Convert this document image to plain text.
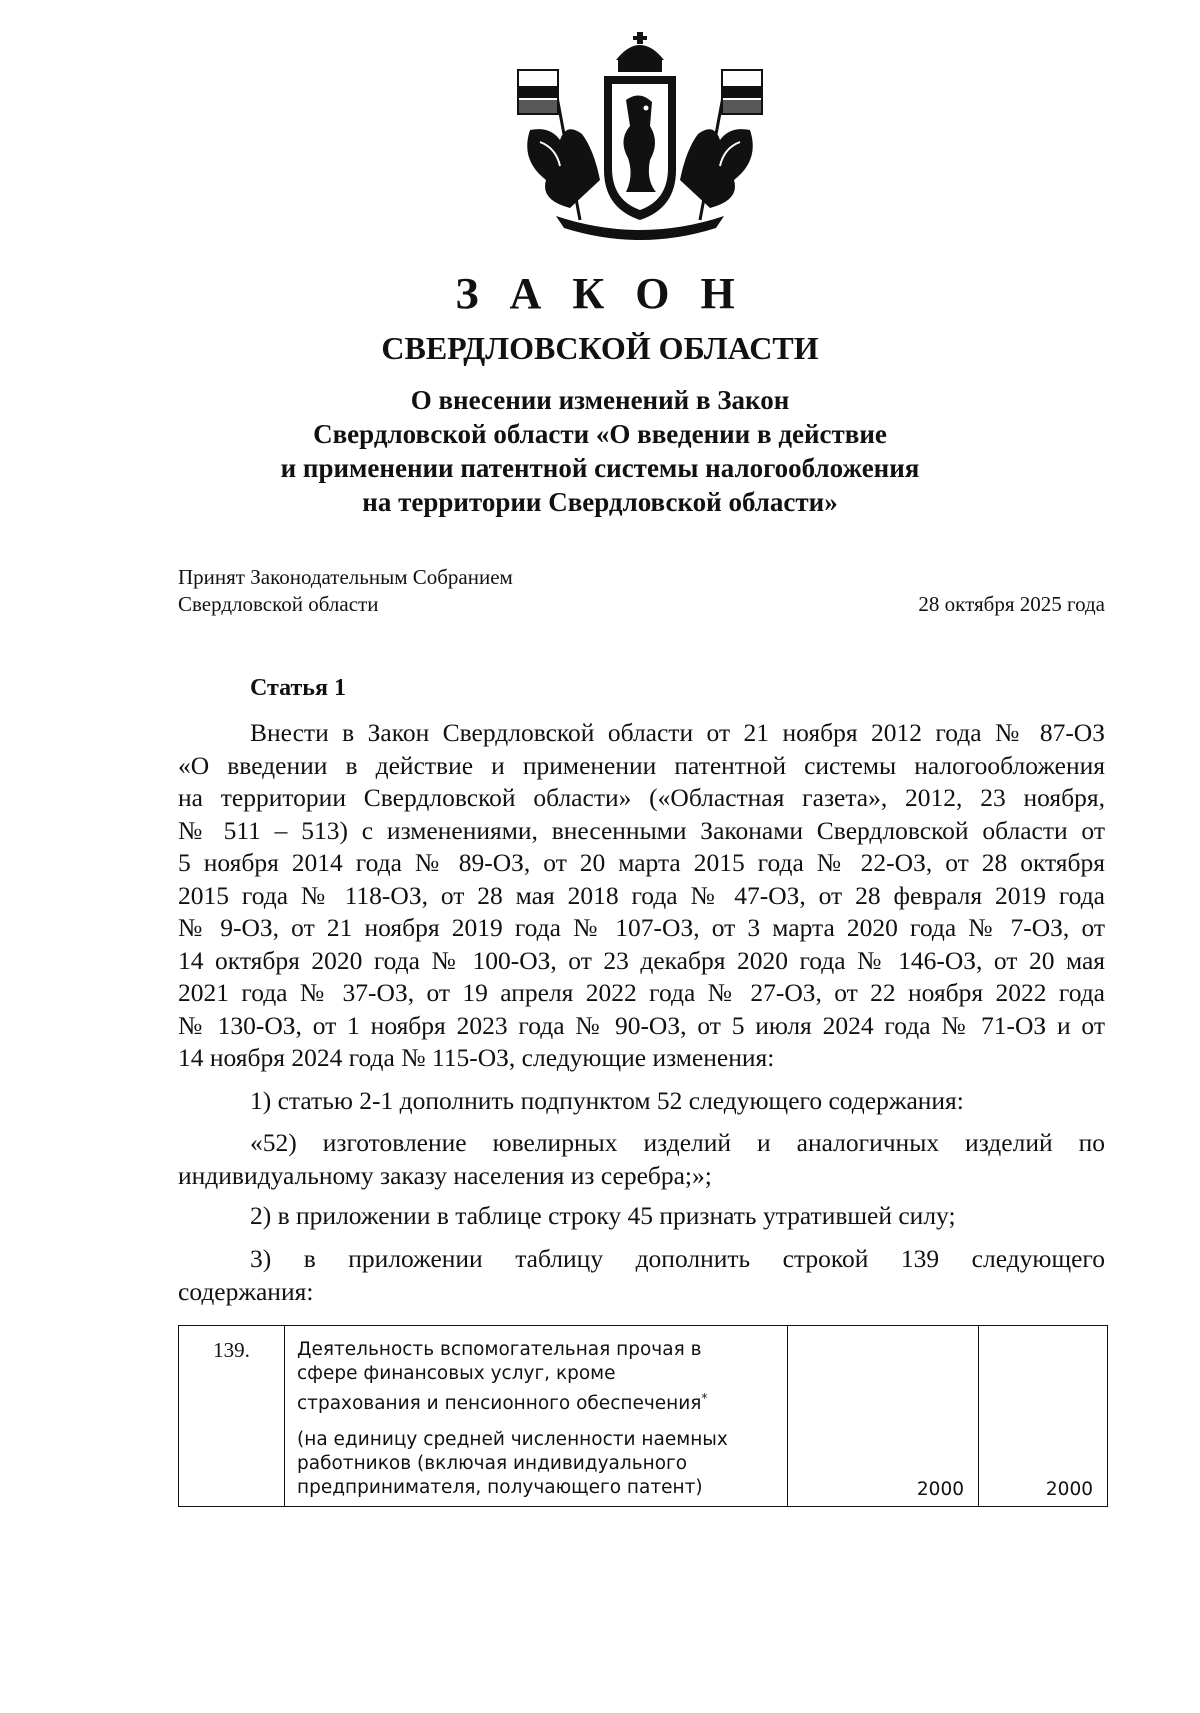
З А К О Н
СВЕРДЛОВСКОЙ ОБЛАСТИ
О внесении изменений в Закон
Свердловской области «О введении в действие
и применении патентной системы налогообложения
на территории Свердловской области»
Принят Законодательным Собранием
Свердловской области	28 октября 2025 года
Статья 1
Внести в Закон Свердловской области от 21 ноября 2012 года № 87-ОЗ
«О введении в действие и применении патентной системы налогообложения
на территории Свердловской области» («Областная газета», 2012, 23 ноября,
№ 511 – 513) с изменениями, внесенными Законами Свердловской области от
5 ноября 2014 года № 89-ОЗ, от 20 марта 2015 года № 22-ОЗ, от 28 октября
2015 года № 118-ОЗ, от 28 мая 2018 года № 47-ОЗ, от 28 февраля 2019 года
№ 9-ОЗ, от 21 ноября 2019 года № 107-ОЗ, от 3 марта 2020 года № 7-ОЗ, от
14 октября 2020 года № 100-ОЗ, от 23 декабря 2020 года № 146-ОЗ, от 20 мая
2021 года № 37-ОЗ, от 19 апреля 2022 года № 27-ОЗ, от 22 ноября 2022 года
№ 130-ОЗ, от 1 ноября 2023 года № 90-ОЗ, от 5 июля 2024 года № 71-ОЗ и от
14 ноября 2024 года № 115-ОЗ, следующие изменения:
1) статью 2-1 дополнить подпунктом 52 следующего содержания:
«52) изготовление ювелирных изделий и аналогичных изделий по
индивидуальному заказу населения из серебра;»;
2) в приложении в таблице строку 45 признать утратившей силу;
3) в приложении таблицу дополнить строкой 139 следующего
содержания:
139.	Деятельность вспомогательная прочая в
сфере финансовых услуг, кроме
страхования и пенсионного обеспечения*
(на единицу средней численности наемных
работников (включая индивидуального
предпринимателя, получающего патент)	2000	2000
